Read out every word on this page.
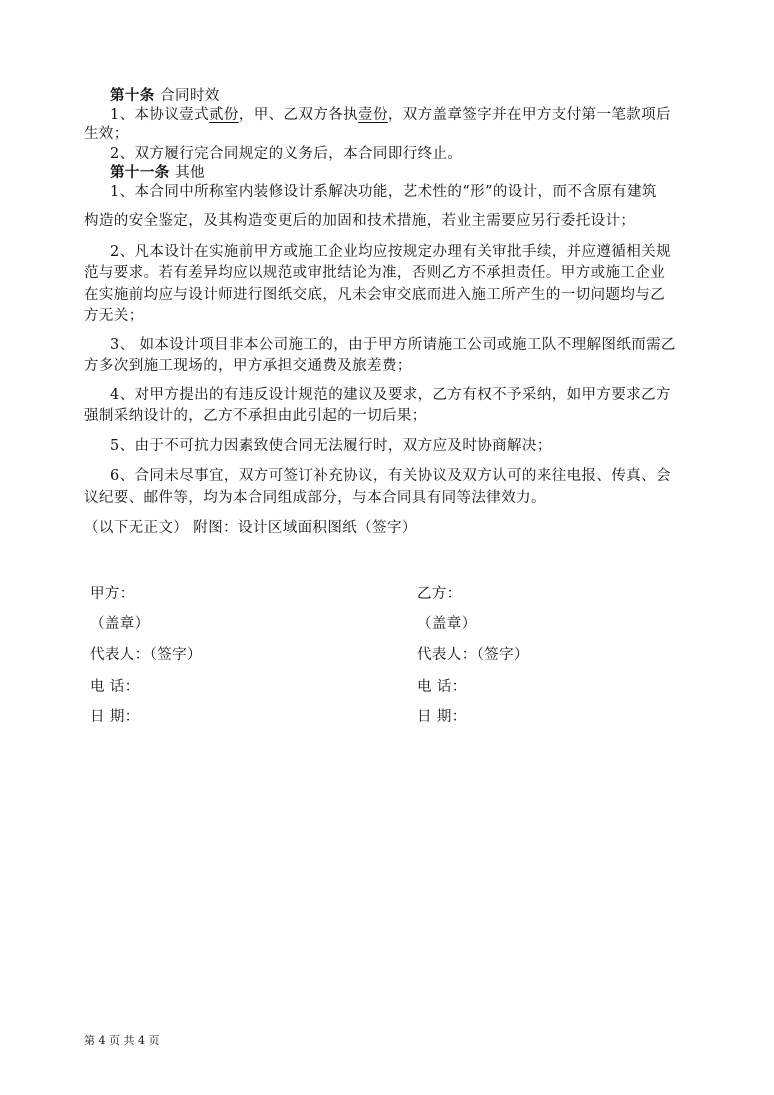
第十条 合同时效
1、本协议壹式贰份，甲、乙双方各执壹份，双方盖章签字并在甲方支付第一笔款项后
生效；
2、双方履行完合同规定的义务后，本合同即行终止。
第十一条 其他
1、本合同中所称室内装修设计系解决功能，艺术性的“形”的设计，而不含原有建筑
构造的安全鉴定，及其构造变更后的加固和技术措施，若业主需要应另行委托设计；
2、凡本设计在实施前甲方或施工企业均应按规定办理有关审批手续，并应遵循相关规
范与要求。若有差异均应以规范或审批结论为准，否则乙方不承担责任。甲方或施工企业
在实施前均应与设计师进行图纸交底，凡未会审交底而进入施工所产生的一切问题均与乙
方无关；
3、 如本设计项目非本公司施工的，由于甲方所请施工公司或施工队不理解图纸而需乙
方多次到施工现场的，甲方承担交通费及旅差费；
4、对甲方提出的有违反设计规范的建议及要求，乙方有权不予采纳，如甲方要求乙方
强制采纳设计的，乙方不承担由此引起的一切后果；
5、由于不可抗力因素致使合同无法履行时，双方应及时协商解决；
6、合同未尽事宜，双方可签订补充协议，有关协议及双方认可的来往电报、传真、会
议纪要、邮件等，均为本合同组成部分，与本合同具有同等法律效力。
（以下无正文） 附图：设计区域面积图纸（签字）
甲方：
（盖章）
代表人：（签字）
电 话：
日 期：
乙方：
（盖章）
代表人：（签字）
电 话：
日 期：
第 4 页 共 4 页
